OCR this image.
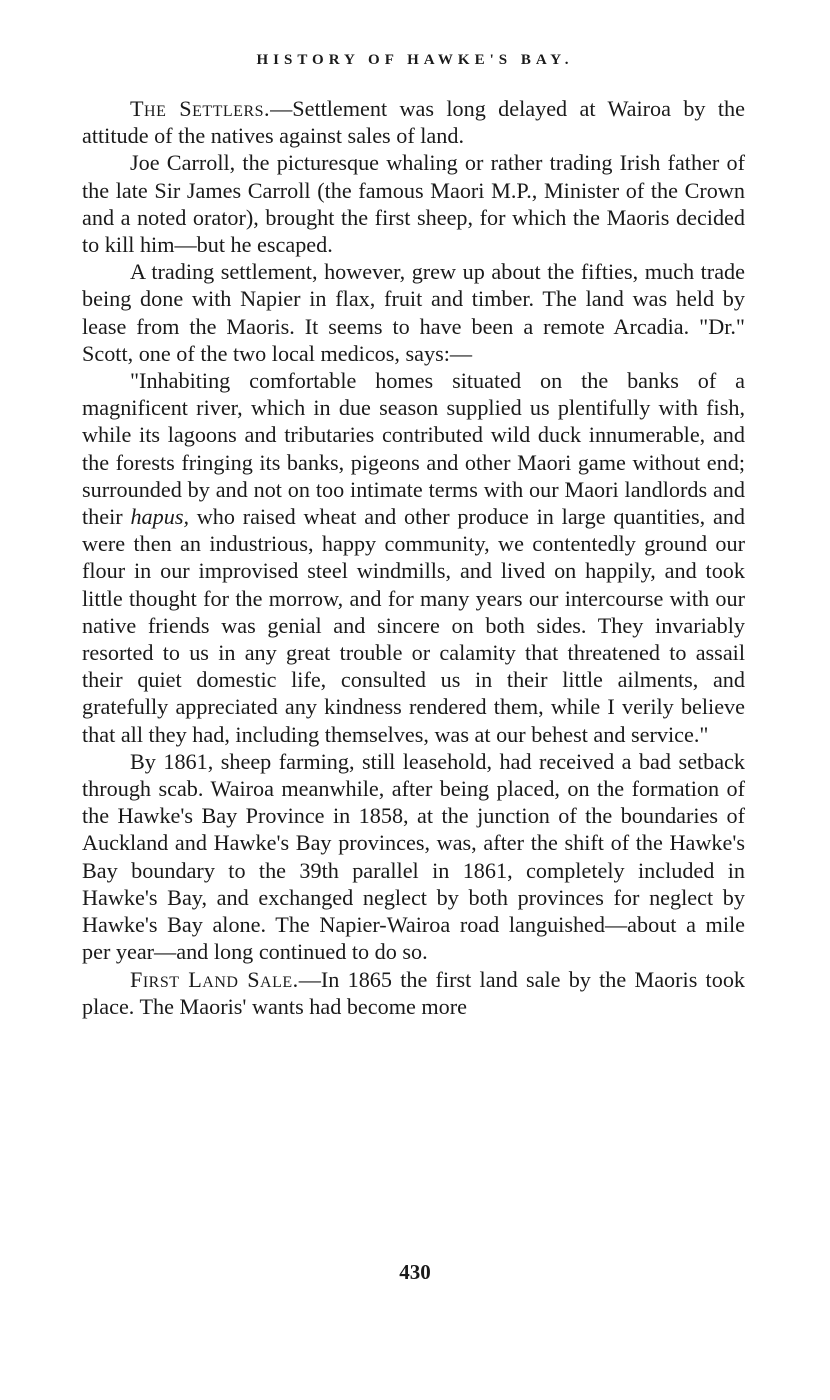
HISTORY OF HAWKE'S BAY.

The Settlers.—Settlement was long delayed at Wairoa by the attitude of the natives against sales of land.

Joe Carroll, the picturesque whaling or rather trading Irish father of the late Sir James Carroll (the famous Maori M.P., Minister of the Crown and a noted orator), brought the first sheep, for which the Maoris decided to kill him—but he escaped.

A trading settlement, however, grew up about the fifties, much trade being done with Napier in flax, fruit and timber. The land was held by lease from the Maoris. It seems to have been a remote Arcadia. "Dr." Scott, one of the two local medicos, says:—

"Inhabiting comfortable homes situated on the banks of a magnificent river, which in due season supplied us plentifully with fish, while its lagoons and tributaries contributed wild duck innumerable, and the forests fringing its banks, pigeons and other Maori game without end; surrounded by and not on too intimate terms with our Maori landlords and their hapus, who raised wheat and other produce in large quantities, and were then an industrious, happy community, we contentedly ground our flour in our improvised steel windmills, and lived on happily, and took little thought for the morrow, and for many years our intercourse with our native friends was genial and sincere on both sides. They invariably resorted to us in any great trouble or calamity that threatened to assail their quiet domestic life, consulted us in their little ailments, and gratefully appreciated any kindness rendered them, while I verily believe that all they had, including themselves, was at our behest and service."

By 1861, sheep farming, still leasehold, had received a bad setback through scab. Wairoa meanwhile, after being placed, on the formation of the Hawke's Bay Province in 1858, at the junction of the boundaries of Auckland and Hawke's Bay provinces, was, after the shift of the Hawke's Bay boundary to the 39th parallel in 1861, completely included in Hawke's Bay, and exchanged neglect by both provinces for neglect by Hawke's Bay alone. The Napier-Wairoa road languished—about a mile per year—and long continued to do so.

First Land Sale.—In 1865 the first land sale by the Maoris took place. The Maoris' wants had become more

430
